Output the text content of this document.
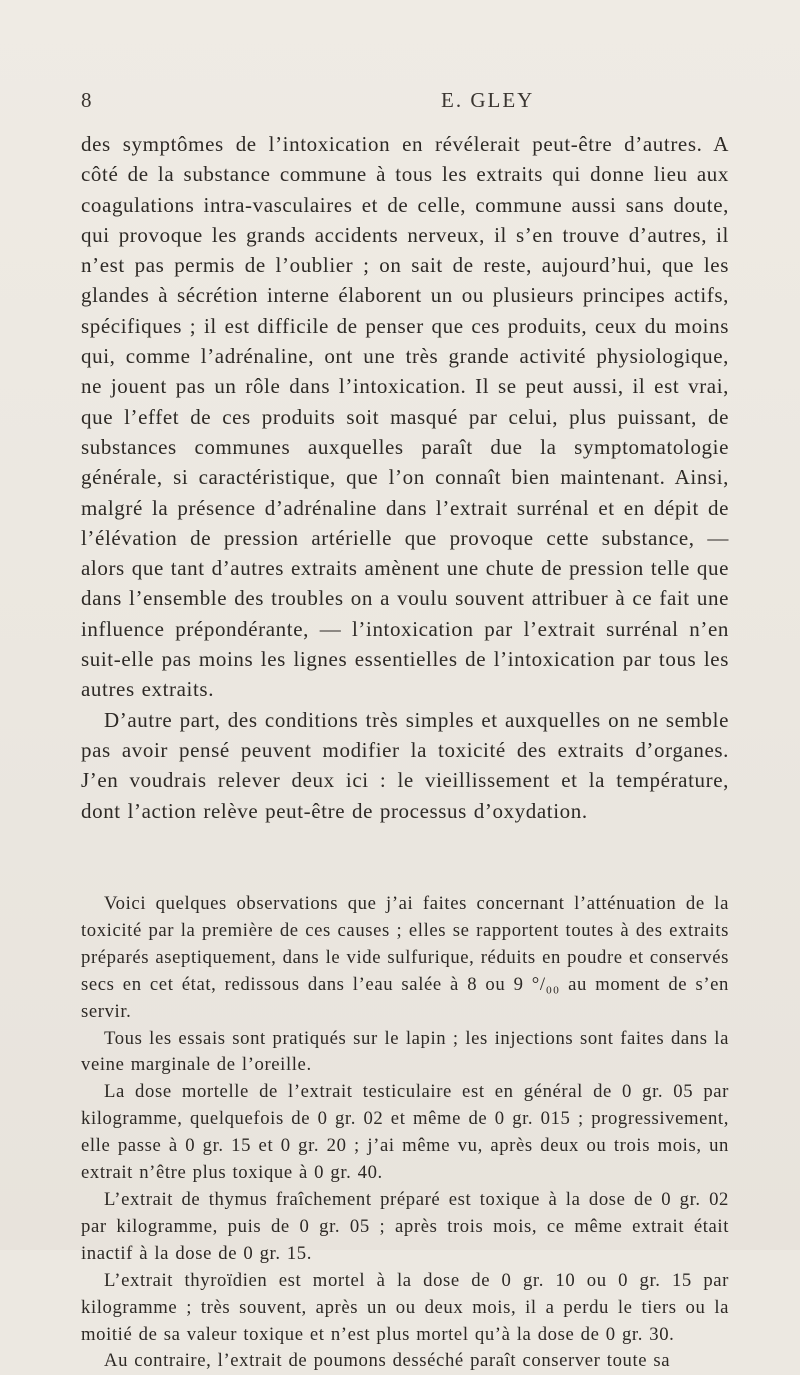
8	E. GLEY

des symptômes de l’intoxication en révélerait peut-être d’autres. A côté de la substance commune à tous les extraits qui donne lieu aux coagulations intra-vasculaires et de celle, commune aussi sans doute, qui provoque les grands accidents nerveux, il s’en trouve d’autres, il n’est pas permis de l’oublier ; on sait de reste, aujourd’hui, que les glandes à sécrétion interne élaborent un ou plusieurs principes actifs, spécifiques ; il est difficile de penser que ces produits, ceux du moins qui, comme l’adrénaline, ont une très grande activité physiologique, ne jouent pas un rôle dans l’intoxication. Il se peut aussi, il est vrai, que l’effet de ces produits soit masqué par celui, plus puissant, de substances communes auxquelles paraît due la symptomatologie générale, si caractéristique, que l’on connaît bien maintenant. Ainsi, malgré la présence d’adrénaline dans l’extrait surrénal et en dépit de l’élévation de pression artérielle que provoque cette substance, — alors que tant d’autres extraits amènent une chute de pression telle que dans l’ensemble des troubles on a voulu souvent attribuer à ce fait une influence prépondérante, — l’intoxication par l’extrait surrénal n’en suit-elle pas moins les lignes essentielles de l’intoxication par tous les autres extraits.

D’autre part, des conditions très simples et auxquelles on ne semble pas avoir pensé peuvent modifier la toxicité des extraits d’organes. J’en voudrais relever deux ici : le vieillissement et la température, dont l’action relève peut-être de processus d’oxydation.

Voici quelques observations que j’ai faites concernant l’atténuation de la toxicité par la première de ces causes ; elles se rapportent toutes à des extraits préparés aseptiquement, dans le vide sulfurique, réduits en poudre et conservés secs en cet état, redissous dans l’eau salée à 8 ou 9 °/₀₀ au moment de s’en servir.

Tous les essais sont pratiqués sur le lapin ; les injections sont faites dans la veine marginale de l’oreille.

La dose mortelle de l’extrait testiculaire est en général de 0 gr. 05 par kilogramme, quelquefois de 0 gr. 02 et même de 0 gr. 015 ; progressivement, elle passe à 0 gr. 15 et 0 gr. 20 ; j’ai même vu, après deux ou trois mois, un extrait n’être plus toxique à 0 gr. 40.

L’extrait de thymus fraîchement préparé est toxique à la dose de 0 gr. 02 par kilogramme, puis de 0 gr. 05 ; après trois mois, ce même extrait était inactif à la dose de 0 gr. 15.

L’extrait thyroïdien est mortel à la dose de 0 gr. 10 ou 0 gr. 15 par kilogramme ; très souvent, après un ou deux mois, il a perdu le tiers ou la moitié de sa valeur toxique et n’est plus mortel qu’à la dose de 0 gr. 30.

Au contraire, l’extrait de poumons desséché paraît conserver toute sa
